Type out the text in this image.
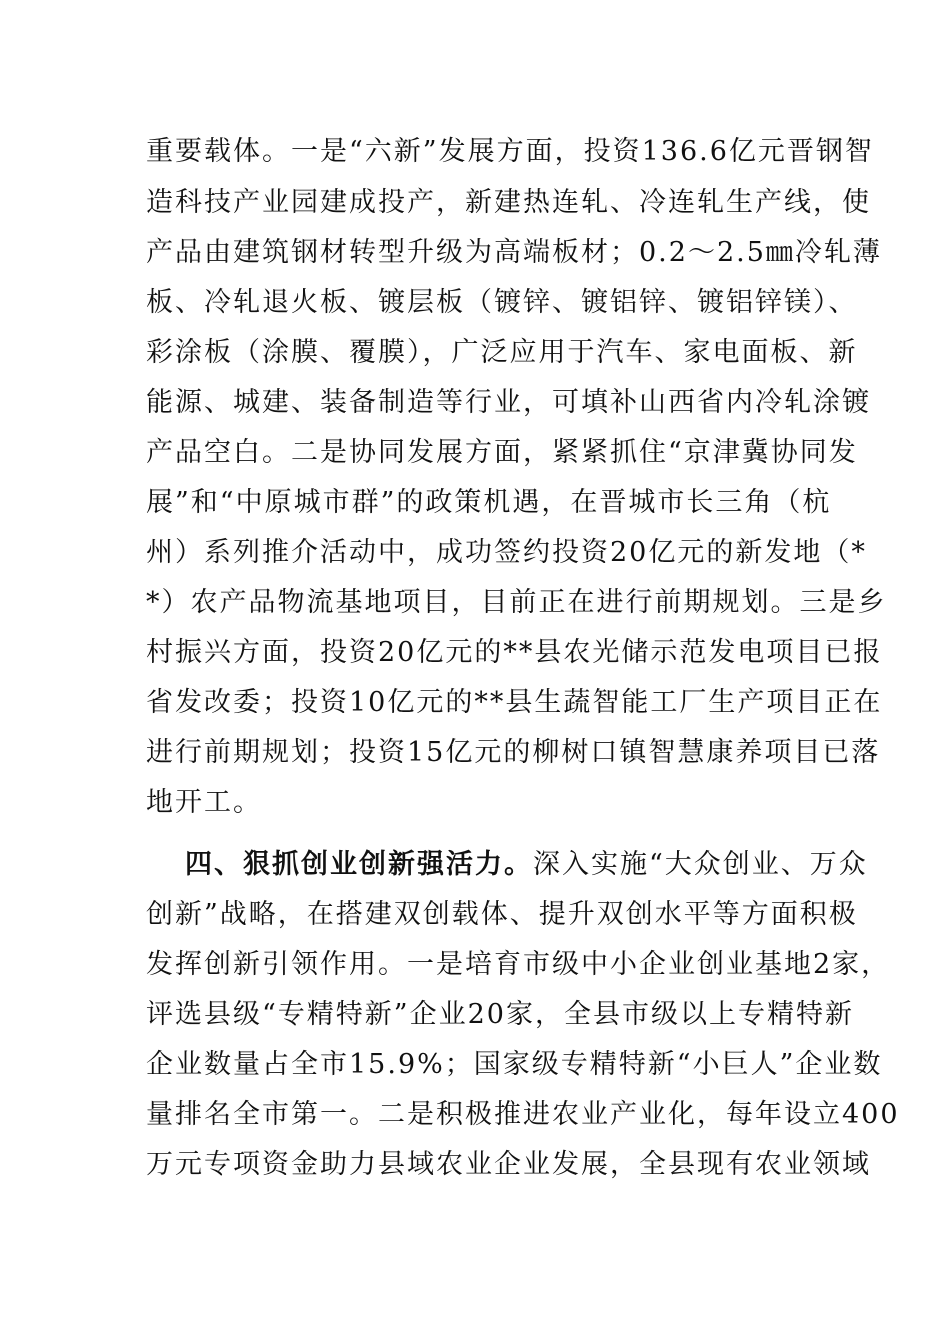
重要载体。一是“六新”发展方面，投资136.6亿元晋钢智
造科技产业园建成投产，新建热连轧、冷连轧生产线，使
产品由建筑钢材转型升级为高端板材；0.2～2.5㎜冷轧薄
板、冷轧退火板、镀层板（镀锌、镀铝锌、镀铝锌镁）、
彩涂板（涂膜、覆膜），广泛应用于汽车、家电面板、新
能源、城建、装备制造等行业，可填补山西省内冷轧涂镀
产品空白。二是协同发展方面，紧紧抓住“京津冀协同发
展”和“中原城市群”的政策机遇，在晋城市长三角（杭
州）系列推介活动中，成功签约投资20亿元的新发地（*
*）农产品物流基地项目，目前正在进行前期规划。三是乡
村振兴方面，投资20亿元的**县农光储示范发电项目已报
省发改委；投资10亿元的**县生蔬智能工厂生产项目正在
进行前期规划；投资15亿元的柳树口镇智慧康养项目已落
地开工。
四、狠抓创业创新强活力。深入实施“大众创业、万众
创新”战略，在搭建双创载体、提升双创水平等方面积极
发挥创新引领作用。一是培育市级中小企业创业基地2家，
评选县级“专精特新”企业20家，全县市级以上专精特新
企业数量占全市15.9%；国家级专精特新“小巨人”企业数
量排名全市第一。二是积极推进农业产业化，每年设立400
万元专项资金助力县域农业企业发展，全县现有农业领域
